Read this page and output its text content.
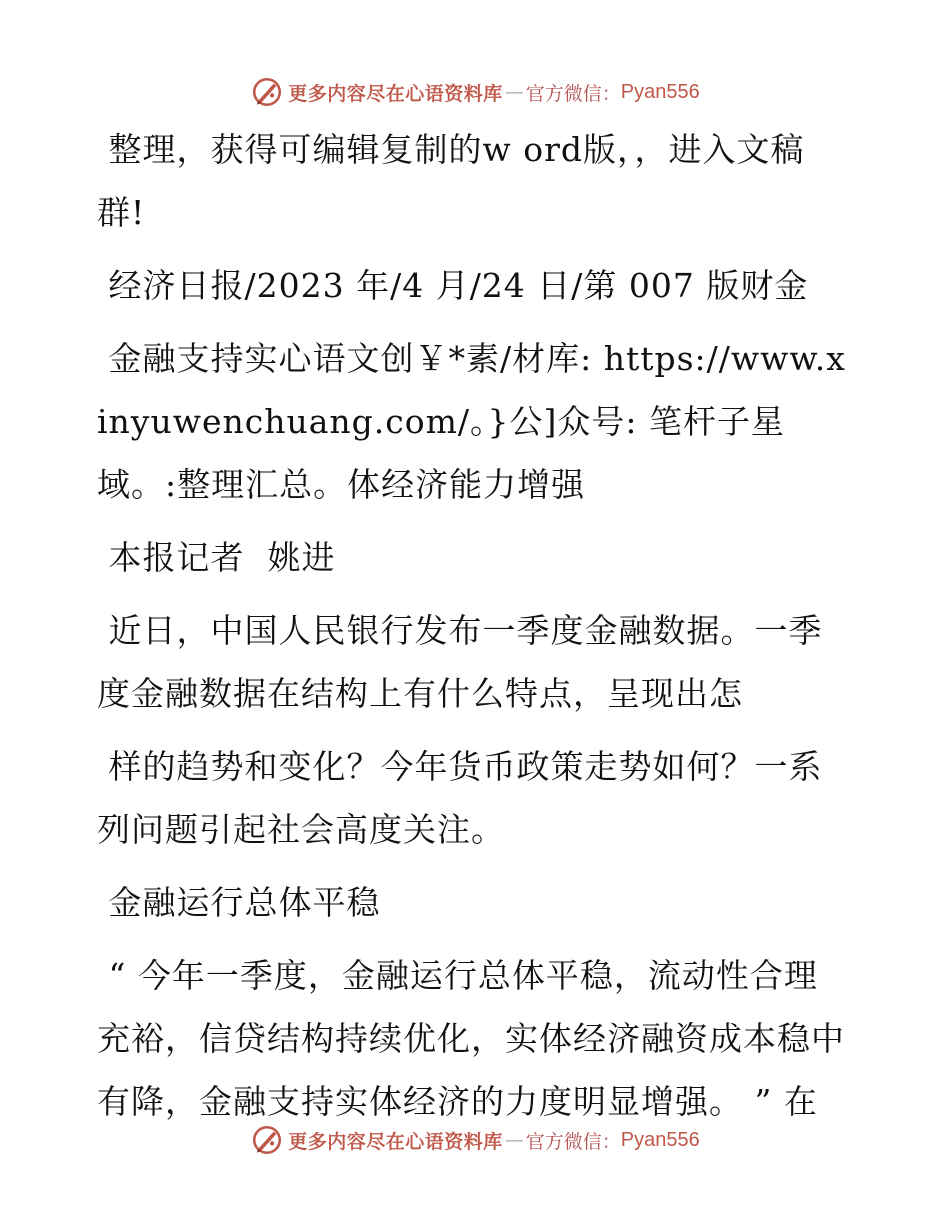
更多内容尽在心语资料库 — 官方微信： Pyan556

整理，获得可编辑复制的w ord版，，进入文稿群!

经济日报/2023 年/4 月/24 日/第 007 版财金

金融支持实心语文创￥*素/材库: https://www.xinyuwenchuang.com/。}公]众号: 笔杆子星域。:整理汇总。体经济能力增强

本报记者  姚进

近日，中国人民银行发布一季度金融数据。一季度金融数据在结构上有什么特点，呈现出怎

样的趋势和变化？今年货币政策走势如何？一系列问题引起社会高度关注。

金融运行总体平稳

“ 今年一季度，金融运行总体平稳，流动性合理充裕，信贷结构持续优化，实体经济融资成本稳中有降，金融支持实体经济的力度明显增强。 ” 在

更多内容尽在心语资料库 — 官方微信： Pyan556
